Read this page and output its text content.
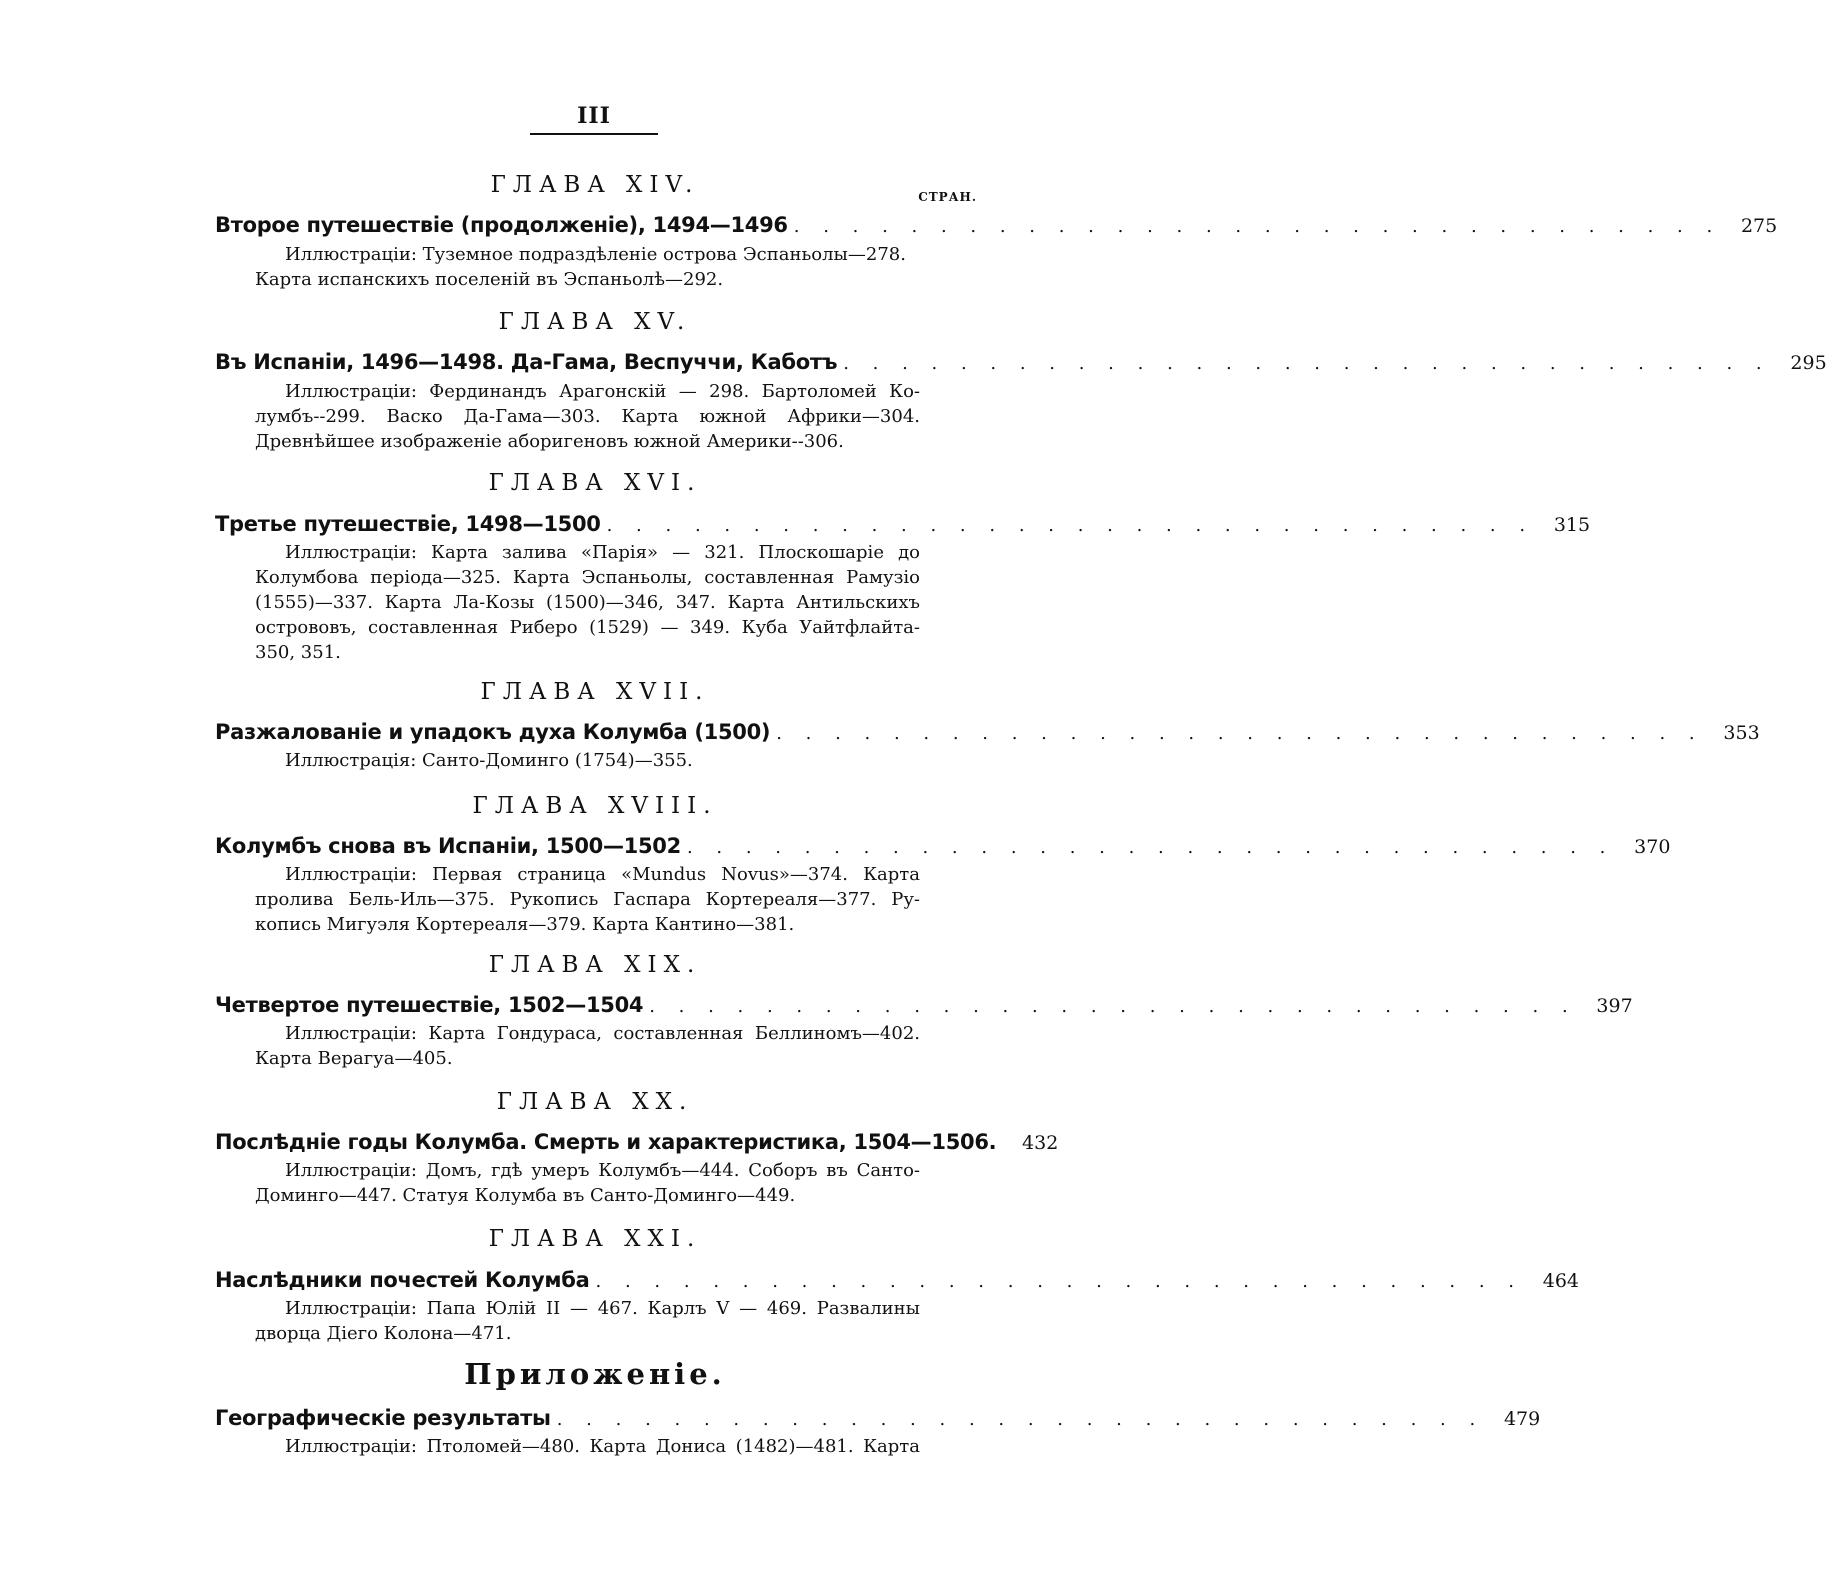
III
СТРАН.
ГЛАВА XIV.
Второе путешествіе (продолженіе), 1494—1496 . . . . . . . . . . . . . . . . . . . . . . . . . . . . . . . .	275
Иллюстраціи: Туземное подраздѣленіе острова Эспаньолы—278.
Карта испанскихъ поселеній въ Эспаньолѣ—292.
ГЛАВА XV.
Въ Испаніи, 1496—1498. Да-Гама, Веспуччи, Каботъ . . . . . . . . . . . . . . . . . . . . . . . . . . . . . . . .	295
Иллюстраціи: Фердинандъ Арагонскій — 298. Бартоломей Ко-
лумбъ--299. Васко Да-Гама—303. Карта южной Африки—304.
Древнѣйшее изображеніе аборигеновъ южной Америки--306.
ГЛАВА XVI.
Третье путешествіе, 1498—1500 . . . . . . . . . . . . . . . . . . . . . . . . . . . . . . . .	315
Иллюстраціи: Карта залива «Парія» — 321. Плоскошаріе до
Колумбова періода—325. Карта Эспаньолы, составленная Рамузіо
(1555)—337. Карта Ла-Козы (1500)—346, 347. Карта Антильскихъ
острововъ, составленная Риберо (1529) — 349. Куба Уайтфлайта-
350, 351.
ГЛАВА XVII.
Разжалованіе и упадокъ духа Колумба (1500) . . . . . . . . . . . . . . . . . . . . . . . . . . . . . . . .	353
Иллюстрація: Санто-Доминго (1754)—355.
ГЛАВА XVIII.
Колумбъ снова въ Испаніи, 1500—1502 . . . . . . . . . . . . . . . . . . . . . . . . . . . . . . . .	370
Иллюстраціи: Первая страница «Mundus Novus»—374. Карта
пролива Бель-Иль—375. Рукопись Гаспара Кортереаля—377. Ру-
копись Мигуэля Кортереаля—379. Карта Кантино—381.
ГЛАВА XIX.
Четвертое путешествіе, 1502—1504 . . . . . . . . . . . . . . . . . . . . . . . . . . . . . . . .	397
Иллюстраціи: Карта Гондураса, составленная Беллиномъ—402.
Карта Верагуа—405.
ГЛАВА XX.
Послѣдніе годы Колумба. Смерть и характеристика, 1504—1506.	432
Иллюстраціи: Домъ, гдѣ умеръ Колумбъ—444. Соборъ въ Санто-
Доминго—447. Статуя Колумба въ Санто-Доминго—449.
ГЛАВА XXI.
Наслѣдники почестей Колумба . . . . . . . . . . . . . . . . . . . . . . . . . . . . . . . .	464
Иллюстраціи: Папа Юлій II — 467. Карлъ V — 469. Развалины
дворца Діего Колона—471.
Приложеніе.
Географическіе результаты . . . . . . . . . . . . . . . . . . . . . . . . . . . . . . . .	479
Иллюстраціи: Птоломей—480. Карта Донисa (1482)—481. Карта
